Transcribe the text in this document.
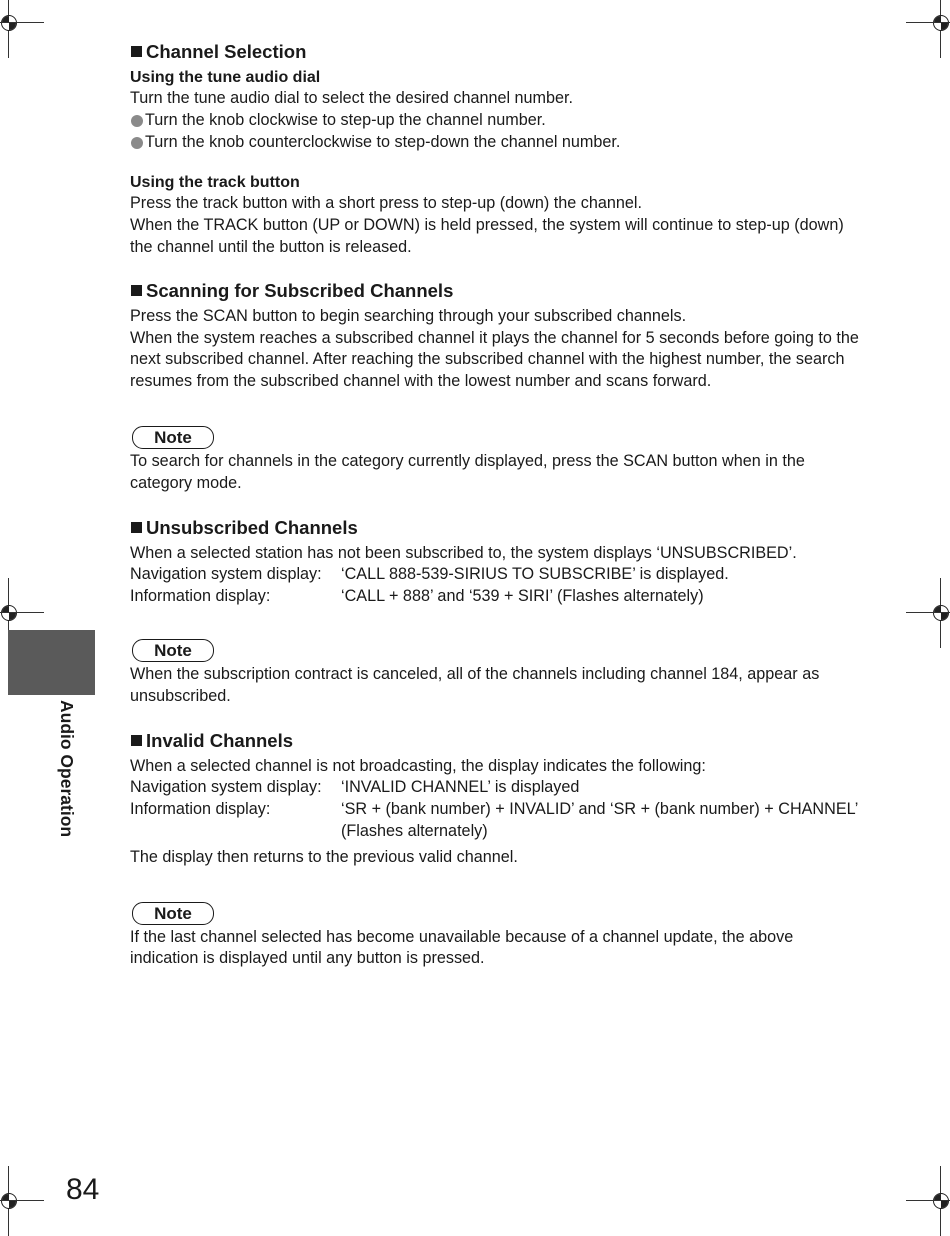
Audio Operation
Channel Selection
Using the tune audio dial

Turn the tune audio dial to select the desired channel number.

Turn the knob clockwise to step-up the channel number.

Turn the knob counterclockwise to step-down the channel number.

Using the track button

Press the track button with a short press to step-up (down) the channel.

When the TRACK button (UP or DOWN) is held pressed, the system will continue to step-up (down) the channel until the button is released.

Scanning for Subscribed Channels

Press the SCAN button to begin searching through your subscribed channels.

When the system reaches a subscribed channel it plays the channel for 5 seconds before going to the next subscribed channel. After reaching the subscribed channel with the highest number, the search resumes from the subscribed channel with the lowest number and scans forward.

Note

To search for channels in the category currently displayed, press the SCAN button when in the category mode.

Unsubscribed Channels

When a selected station has not been subscribed to, the system displays ‘UNSUBSCRIBED’.

Navigation system display:	‘CALL 888-539-SIRIUS TO SUBSCRIBE’ is displayed.
Information display:	‘CALL + 888’ and ‘539 + SIRI’ (Flashes alternately)
Note

When the subscription contract is canceled, all of the channels including channel 184, appear as unsubscribed.

Invalid Channels

When a selected channel is not broadcasting, the display indicates the following:

Navigation system display:	‘INVALID CHANNEL’ is displayed
Information display:	‘SR + (bank number) + INVALID’ and ‘SR + (bank number) + CHANNEL’ (Flashes alternately)

The display then returns to the previous valid channel.

Note

If the last channel selected has become unavailable because of a channel update, the above indication is displayed until any button is pressed.

84
